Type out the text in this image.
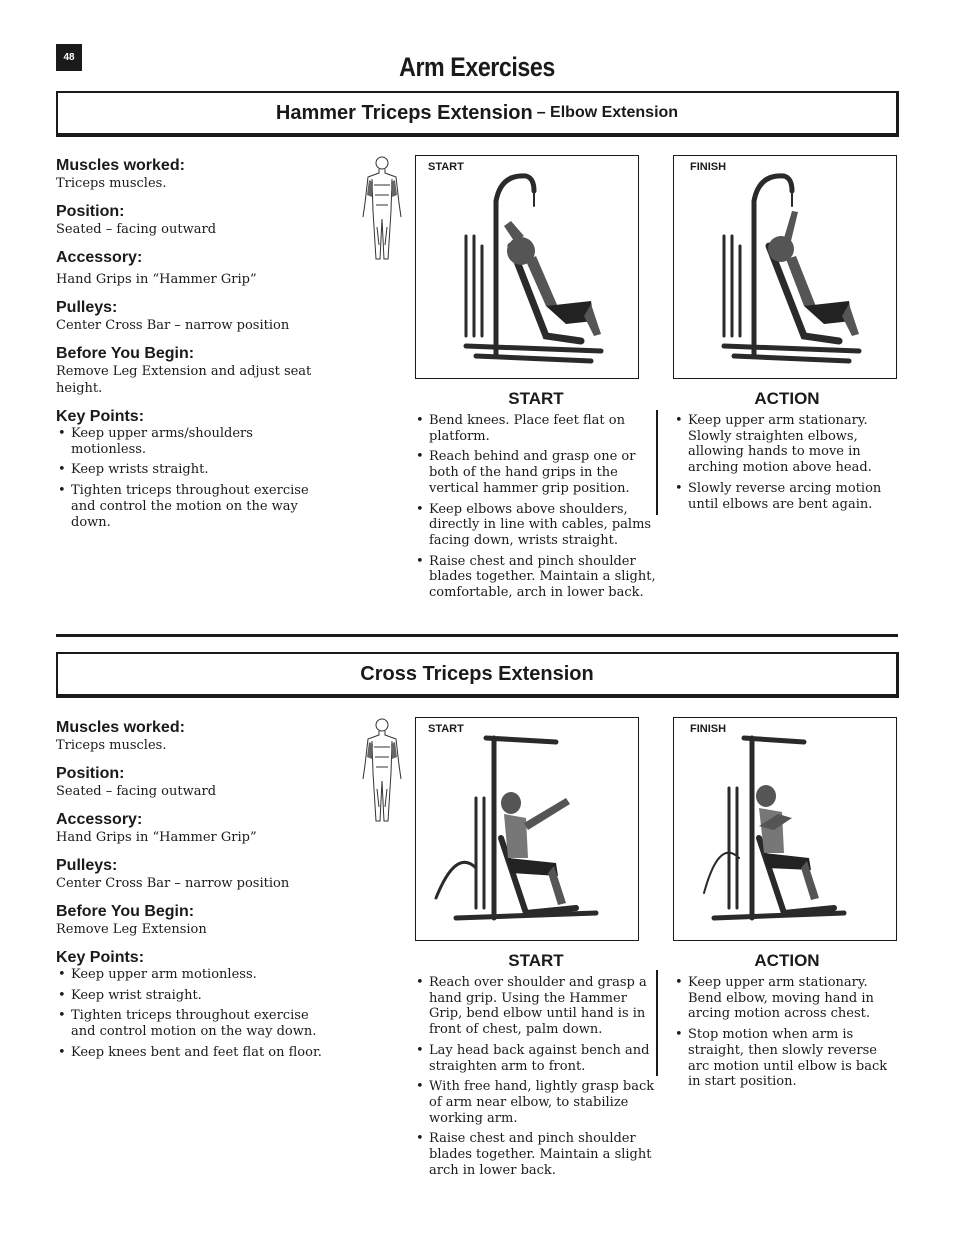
48	Arm Exercises
Hammer Triceps Extension – Elbow Extension
Muscles worked:
Triceps muscles.
Position:
Seated – facing outward
Accessory:
Hand Grips in “Hammer Grip”
Pulleys:
Center Cross Bar – narrow position
Before You Begin:
Remove Leg Extension and adjust seat height.
Key Points:
• Keep upper arms/shoulders motionless.
• Keep wrists straight.
• Tighten triceps throughout exercise and control the motion on the way down.
START	FINISH
START
• Bend knees. Place feet flat on platform.
• Reach behind and grasp one or both of the hand grips in the vertical hammer grip position.
• Keep elbows above shoulders, directly in line with cables, palms facing down, wrists straight.
• Raise chest and pinch shoulder blades together. Maintain a slight, comfortable, arch in lower back.
ACTION
• Keep upper arm stationary. Slowly straighten elbows, allowing hands to move in arching motion above head.
• Slowly reverse arcing motion until elbows are bent again.
Cross Triceps Extension
Muscles worked:
Triceps muscles.
Position:
Seated – facing outward
Accessory:
Hand Grips in “Hammer Grip”
Pulleys:
Center Cross Bar – narrow position
Before You Begin:
Remove Leg Extension
Key Points:
• Keep upper arm motionless.
• Keep wrist straight.
• Tighten triceps throughout exercise and control motion on the way down.
• Keep knees bent and feet flat on floor.
START	FINISH
START
• Reach over shoulder and grasp a hand grip. Using the Hammer Grip, bend elbow until hand is in front of chest, palm down.
• Lay head back against bench and straighten arm to front.
• With free hand, lightly grasp back of arm near elbow, to stabilize working arm.
• Raise chest and pinch shoulder blades together. Maintain a slight arch in lower back.
ACTION
• Keep upper arm stationary. Bend elbow, moving hand in arcing motion across chest.
• Stop motion when arm is straight, then slowly reverse arc motion until elbow is back in start position.
